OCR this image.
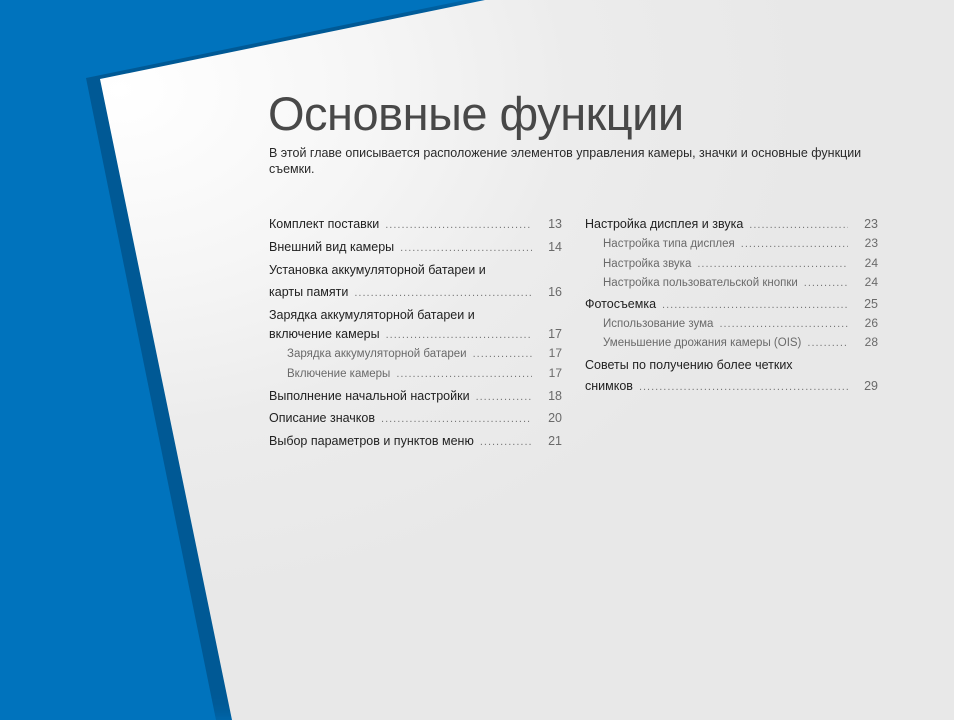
Основные функции
В этой главе описывается расположение элементов управления камеры, значки и основные функции съемки.
Комплект поставки .....	13
Внешний вид камеры .....	14
Установка аккумуляторной батареи и
карты памяти .....	16
Зарядка аккумуляторной батареи и
включение камеры .....	17
Зарядка аккумуляторной батареи .....	17
Включение камеры .....	17
Выполнение начальной настройки .....	18
Описание значков .....	20
Выбор параметров и пунктов меню .....	21
Настройка дисплея и звука .....	23
Настройка типа дисплея .....	23
Настройка звука .....	24
Настройка пользовательской кнопки .....	24
Фотосъемка .....	25
Использование зума .....	26
Уменьшение дрожания камеры (OIS) .....	28
Советы по получению более четких
снимков .....	29
